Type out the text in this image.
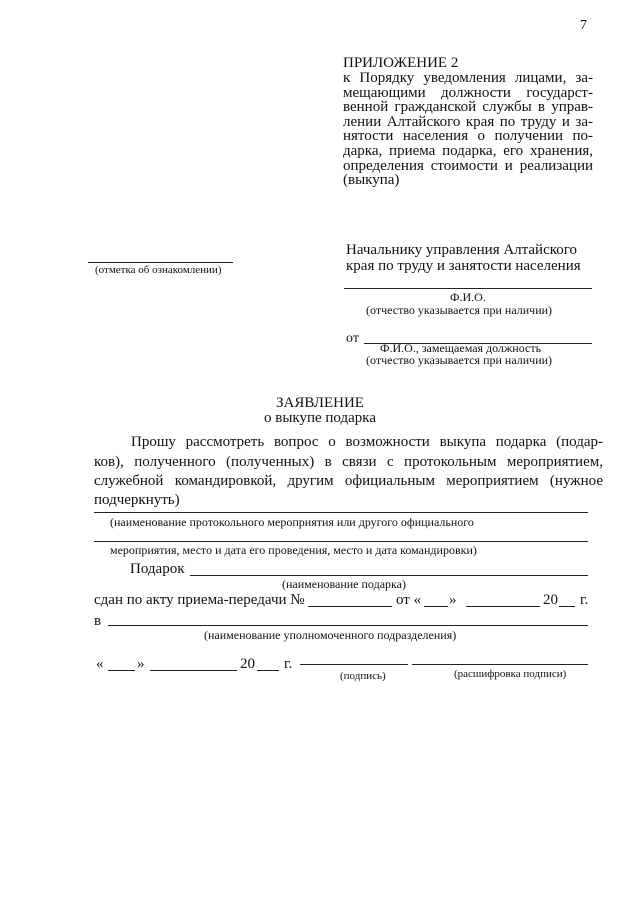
7
ПРИЛОЖЕНИЕ 2
к Порядку уведомления лицами, за-
мещающими должности государст-
венной гражданской службы в управ-
лении Алтайского края по труду и за-
нятости населения о получении по-
дарка, приема подарка, его хранения,
определения стоимости и реализации
(выкупа)
(отметка об ознакомлении)
Начальнику управления Алтайского
края по труду и занятости населения
Ф.И.О.
(отчество указывается при наличии)
от
Ф.И.О., замещаемая должность
(отчество указывается при наличии)
ЗАЯВЛЕНИЕ
о выкупе подарка
Прошу рассмотреть вопрос о возможности выкупа подарка (подар-
ков), полученного (полученных) в связи с протокольным мероприятием,
служебной командировкой, другим официальным мероприятием (нужное
подчеркнуть)
(наименование протокольного мероприятия или другого официального
мероприятия, место и дата его проведения, место и дата командировки)
Подарок
(наименование подарка)
сдан по акту приема-передачи №	от « »	20 г.
в
(наименование уполномоченного подразделения)
« »	20 г.
(подпись)	(расшифровка подписи)
